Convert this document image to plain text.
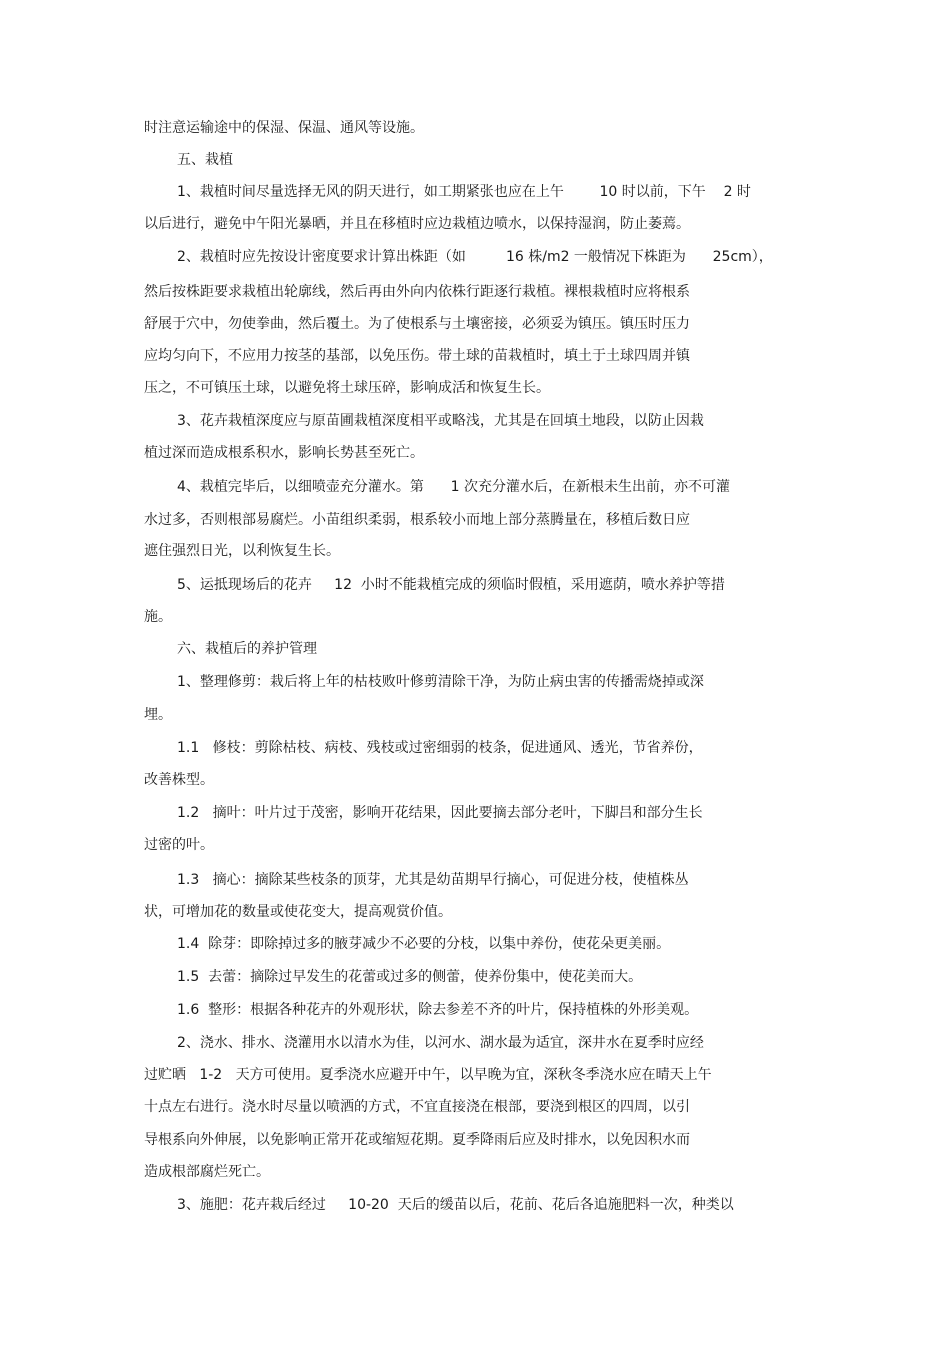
时注意运输途中的保湿、保温、通风等设施。
五、栽植
1、栽植时间尽量选择无风的阴天进行，如工期紧张也应在上午        10 时以前，下午    2 时
以后进行，避免中午阳光暴晒，并且在移植时应边栽植边喷水，以保持湿润，防止萎蔫。
2、栽植时应先按设计密度要求计算出株距（如         16 株/m2 一般情况下株距为      25cm），
然后按株距要求栽植出轮廓线，然后再由外向内依株行距逐行栽植。裸根栽植时应将根系
舒展于穴中，勿使拳曲，然后覆土。为了使根系与土壤密接，必须妥为镇压。镇压时压力
应均匀向下，不应用力按茎的基部，以免压伤。带土球的苗栽植时，填土于土球四周并镇
压之，不可镇压土球，以避免将土球压碎，影响成活和恢复生长。
3、花卉栽植深度应与原苗圃栽植深度相平或略浅，尤其是在回填土地段，以防止因栽
植过深而造成根系积水，影响长势甚至死亡。
4、栽植完毕后，以细喷壶充分灌水。第      1 次充分灌水后，在新根未生出前，亦不可灌
水过多，否则根部易腐烂。小苗组织柔弱，根系较小而地上部分蒸腾量在，移植后数日应
遮住强烈日光，以利恢复生长。
5、运抵现场后的花卉     12  小时不能栽植完成的须临时假植，采用遮荫，喷水养护等措
施。
六、栽植后的养护管理
1、整理修剪：栽后将上年的枯枝败叶修剪清除干净，为防止病虫害的传播需烧掉或深
埋。
1.1   修枝：剪除枯枝、病枝、残枝或过密细弱的枝条，促进通风、透光，节省养份，
改善株型。
1.2   摘叶：叶片过于茂密，影响开花结果，因此要摘去部分老叶，下脚吕和部分生长
过密的叶。
1.3   摘心：摘除某些枝条的顶芽，尤其是幼苗期早行摘心，可促进分枝，使植株丛
状，可增加花的数量或使花变大，提高观赏价值。
1.4  除芽：即除掉过多的腋芽减少不必要的分枝，以集中养份，使花朵更美丽。
1.5  去蕾：摘除过早发生的花蕾或过多的侧蕾，使养份集中，使花美而大。
1.6  整形：根据各种花卉的外观形状，除去参差不齐的叶片，保持植株的外形美观。
2、浇水、排水、浇灌用水以清水为佳，以河水、湖水最为适宜，深井水在夏季时应经
过贮晒   1-2   天方可使用。夏季浇水应避开中午，以早晚为宜，深秋冬季浇水应在晴天上午
十点左右进行。浇水时尽量以喷洒的方式，不宜直接浇在根部，要浇到根区的四周，以引
导根系向外伸展，以免影响正常开花或缩短花期。夏季降雨后应及时排水，以免因积水而
造成根部腐烂死亡。
3、施肥：花卉栽后经过     10-20  天后的缓苗以后，花前、花后各追施肥料一次，种类以
